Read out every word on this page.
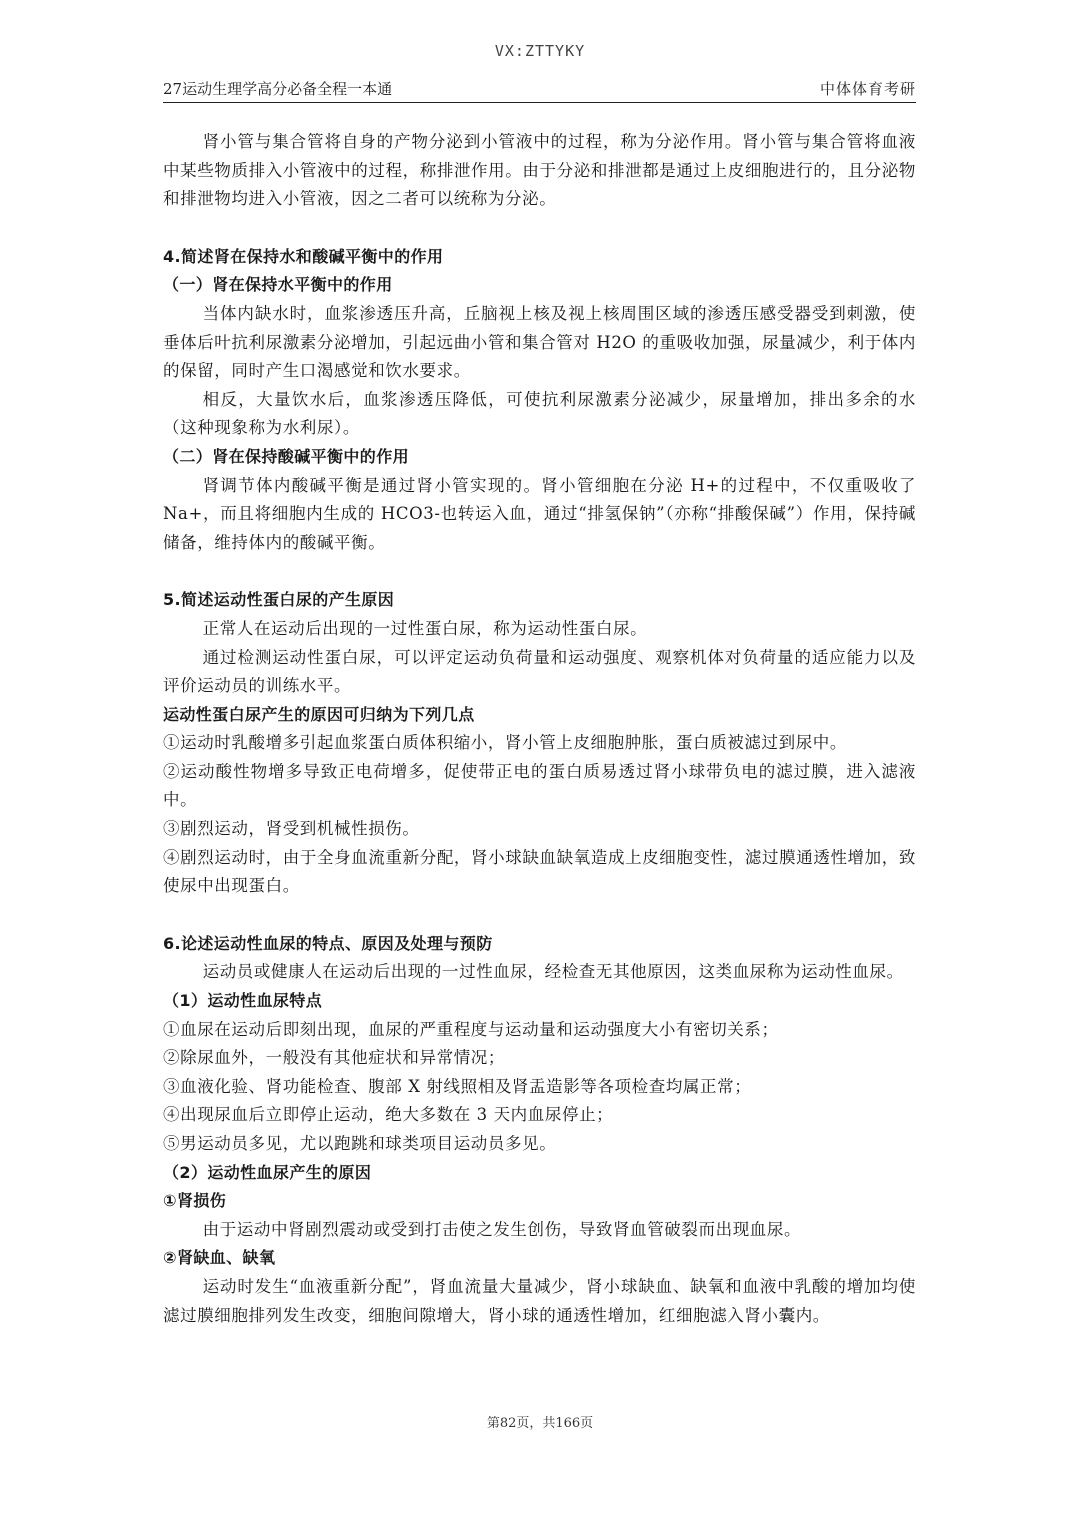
VX:ZTTYKY
27运动生理学高分必备全程一本通	中体体育考研

肾小管与集合管将自身的产物分泌到小管液中的过程，称为分泌作用。肾小管与集合管将血液中某些物质排入小管液中的过程，称排泄作用。由于分泌和排泄都是通过上皮细胞进行的，且分泌物和排泄物均进入小管液，因之二者可以统称为分泌。

4.简述肾在保持水和酸碱平衡中的作用

（一）肾在保持水平衡中的作用

当体内缺水时，血浆渗透压升高，丘脑视上核及视上核周围区域的渗透压感受器受到刺激，使垂体后叶抗利尿激素分泌增加，引起远曲小管和集合管对 H2O 的重吸收加强，尿量减少，利于体内的保留，同时产生口渴感觉和饮水要求。

相反，大量饮水后，血浆渗透压降低，可使抗利尿激素分泌减少，尿量增加，排出多余的水（这种现象称为水利尿）。

（二）肾在保持酸碱平衡中的作用

肾调节体内酸碱平衡是通过肾小管实现的。肾小管细胞在分泌 H+的过程中，不仅重吸收了 Na+，而且将细胞内生成的 HCO3-也转运入血，通过“排氢保钠”（亦称“排酸保碱”）作用，保持碱储备，维持体内的酸碱平衡。

5.简述运动性蛋白尿的产生原因

正常人在运动后出现的一过性蛋白尿，称为运动性蛋白尿。

通过检测运动性蛋白尿，可以评定运动负荷量和运动强度、观察机体对负荷量的适应能力以及评价运动员的训练水平。

运动性蛋白尿产生的原因可归纳为下列几点

①运动时乳酸增多引起血浆蛋白质体积缩小，肾小管上皮细胞肿胀，蛋白质被滤过到尿中。

②运动酸性物增多导致正电荷增多，促使带正电的蛋白质易透过肾小球带负电的滤过膜，进入滤液中。

③剧烈运动，肾受到机械性损伤。

④剧烈运动时，由于全身血流重新分配，肾小球缺血缺氧造成上皮细胞变性，滤过膜通透性增加，致使尿中出现蛋白。

6.论述运动性血尿的特点、原因及处理与预防

运动员或健康人在运动后出现的一过性血尿，经检查无其他原因，这类血尿称为运动性血尿。

（1）运动性血尿特点

①血尿在运动后即刻出现，血尿的严重程度与运动量和运动强度大小有密切关系；

②除尿血外，一般没有其他症状和异常情况；

③血液化验、肾功能检查、腹部 X 射线照相及肾盂造影等各项检查均属正常；

④出现尿血后立即停止运动，绝大多数在 3 天内血尿停止；

⑤男运动员多见，尤以跑跳和球类项目运动员多见。

（2）运动性血尿产生的原因

①肾损伤

由于运动中肾剧烈震动或受到打击使之发生创伤，导致肾血管破裂而出现血尿。

②肾缺血、缺氧

运动时发生“血液重新分配”，肾血流量大量减少，肾小球缺血、缺氧和血液中乳酸的增加均使滤过膜细胞排列发生改变，细胞间隙增大，肾小球的通透性增加，红细胞滤入肾小囊内。

第82页，共166页
